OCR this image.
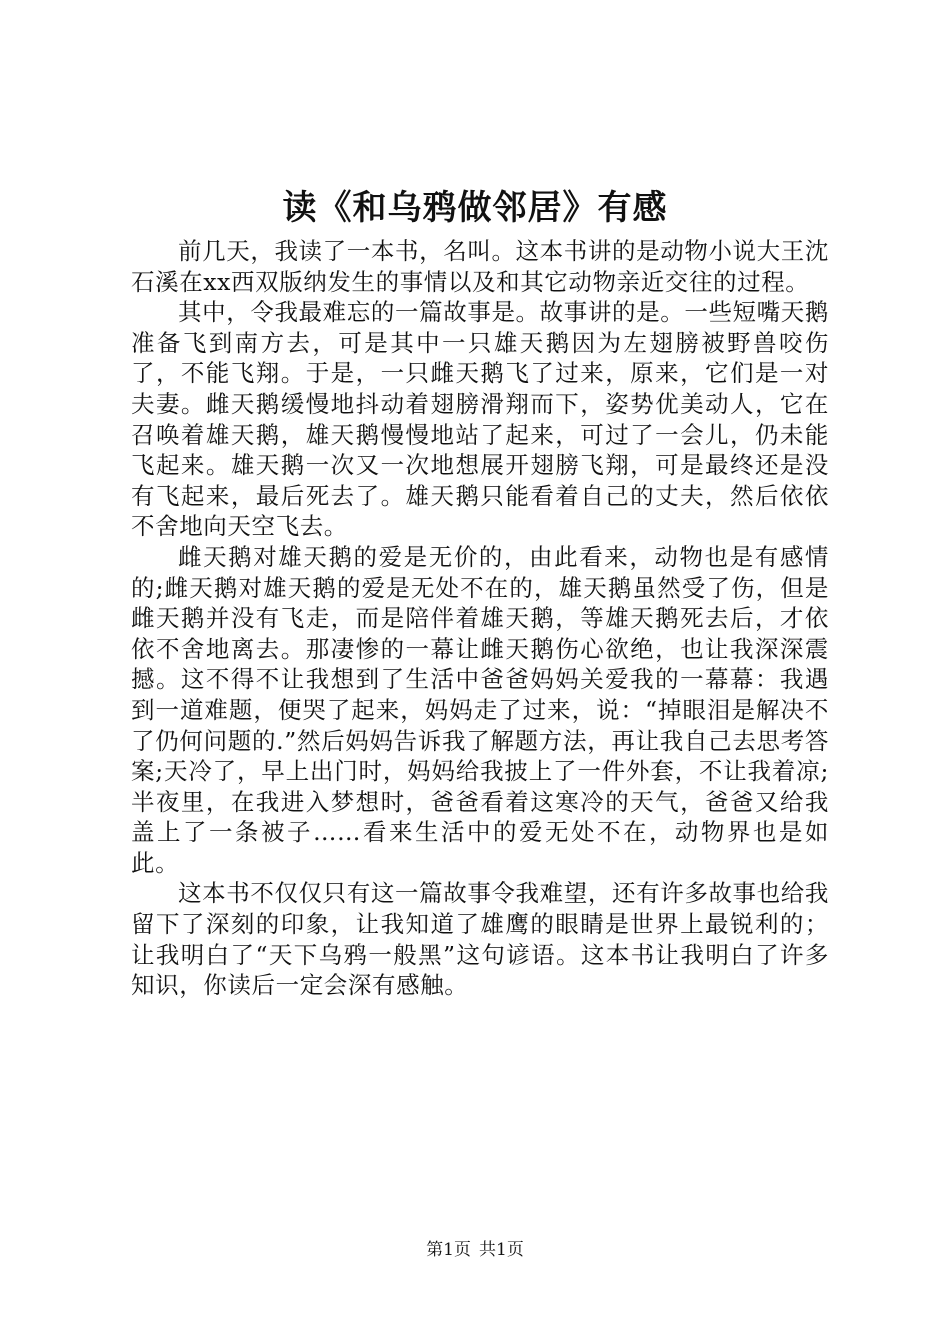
读《和乌鸦做邻居》有感

前几天，我读了一本书，名叫。这本书讲的是动物小说大王沈石溪在xx西双版纳发生的事情以及和其它动物亲近交往的过程。

其中，令我最难忘的一篇故事是。故事讲的是。一些短嘴天鹅准备飞到南方去，可是其中一只雄天鹅因为左翅膀被野兽咬伤了，不能飞翔。于是，一只雌天鹅飞了过来，原来，它们是一对夫妻。雌天鹅缓慢地抖动着翅膀滑翔而下，姿势优美动人，它在召唤着雄天鹅，雄天鹅慢慢地站了起来，可过了一会儿，仍未能飞起来。雄天鹅一次又一次地想展开翅膀飞翔，可是最终还是没有飞起来，最后死去了。雄天鹅只能看着自己的丈夫，然后依依不舍地向天空飞去。

雌天鹅对雄天鹅的爱是无价的，由此看来，动物也是有感情的;雌天鹅对雄天鹅的爱是无处不在的，雄天鹅虽然受了伤，但是雌天鹅并没有飞走，而是陪伴着雄天鹅，等雄天鹅死去后，才依依不舍地离去。那凄惨的一幕让雌天鹅伤心欲绝，也让我深深震撼。这不得不让我想到了生活中爸爸妈妈关爱我的一幕幕：我遇到一道难题，便哭了起来，妈妈走了过来，说：“掉眼泪是解决不了仍何问题的.”然后妈妈告诉我了解题方法，再让我自己去思考答案;天冷了，早上出门时，妈妈给我披上了一件外套，不让我着凉;半夜里，在我进入梦想时，爸爸看着这寒冷的天气，爸爸又给我盖上了一条被子……看来生活中的爱无处不在，动物界也是如此。

这本书不仅仅只有这一篇故事令我难望，还有许多故事也给我留下了深刻的印象，让我知道了雄鹰的眼睛是世界上最锐利的；让我明白了“天下乌鸦一般黑”这句谚语。这本书让我明白了许多知识，你读后一定会深有感触。

第1页 共1页
